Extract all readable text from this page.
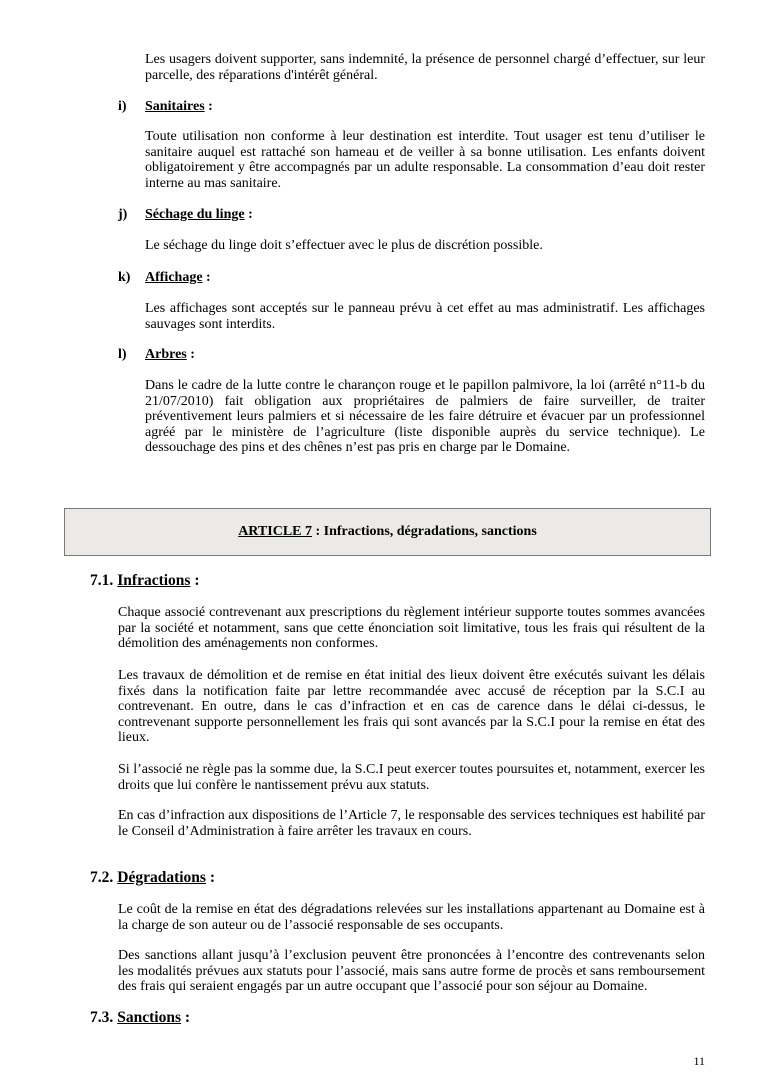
Les usagers doivent supporter, sans indemnité, la présence de personnel chargé d’effectuer, sur leur parcelle, des réparations d'intérêt général.

i) Sanitaires :

Toute utilisation non conforme à leur destination est interdite. Tout usager est tenu d’utiliser le sanitaire auquel est rattaché son hameau et de veiller à sa bonne utilisation. Les enfants doivent obligatoirement y être accompagnés par un adulte responsable. La consommation d’eau doit rester interne au mas sanitaire.

j) Séchage du linge :

Le séchage du linge doit s’effectuer avec le plus de discrétion possible.

k) Affichage :

Les affichages sont acceptés sur le panneau prévu à cet effet au mas administratif. Les affichages sauvages sont interdits.

l) Arbres :

Dans le cadre de la lutte contre le charançon rouge et le papillon palmivore, la loi (arrêté n°11-b du 21/07/2010) fait obligation aux propriétaires de palmiers de faire surveiller, de traiter préventivement leurs palmiers et si nécessaire de les faire détruire et évacuer par un professionnel agréé par le ministère de l’agriculture (liste disponible auprès du service technique). Le dessouchage des pins et des chênes n’est pas pris en charge par le Domaine.

ARTICLE 7 : Infractions, dégradations, sanctions
7.1. Infractions :

Chaque associé contrevenant aux prescriptions du règlement intérieur supporte toutes sommes avancées par la société et notamment, sans que cette énonciation soit limitative, tous les frais qui résultent de la démolition des aménagements non conformes.

Les travaux de démolition et de remise en état initial des lieux doivent être exécutés suivant les délais fixés dans la notification faite par lettre recommandée avec accusé de réception par la S.C.I au contrevenant. En outre, dans le cas d’infraction et en cas de carence dans le délai ci-dessus, le contrevenant supporte personnellement les frais qui sont avancés par la S.C.I pour la remise en état des lieux.

Si l’associé ne règle pas la somme due, la S.C.I peut exercer toutes poursuites et, notamment, exercer les droits que lui confère le nantissement prévu aux statuts.

En cas d’infraction aux dispositions de l’Article 7, le responsable des services techniques est habilité par le Conseil d’Administration à faire arrêter les travaux en cours.

7.2. Dégradations :

Le coût de la remise en état des dégradations relevées sur les installations appartenant au Domaine est à la charge de son auteur ou de l’associé responsable de ses occupants.

Des sanctions allant jusqu’à l’exclusion peuvent être prononcées à l’encontre des contrevenants selon les modalités prévues aux statuts pour l’associé, mais sans autre forme de procès et sans remboursement des frais qui seraient engagés par un autre occupant que l’associé pour son séjour au Domaine.

7.3. Sanctions :
11
